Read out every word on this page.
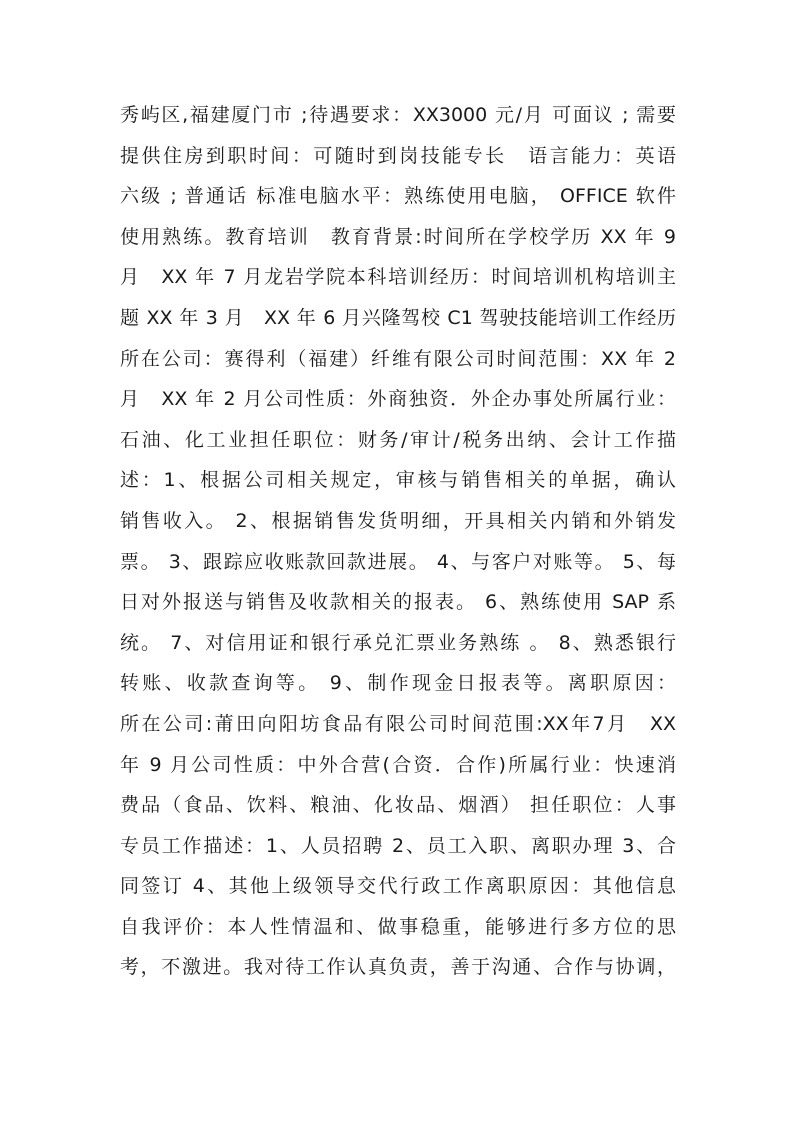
秀屿区,福建厦门市 ;待遇要求：XX3000 元/月 可面议 ; 需要
提供住房到职时间：可随时到岗技能专长　语言能力：英语
六级 ; 普通话 标准电脑水平：熟练使用电脑， OFFICE 软件
使用熟练。教育培训　教育背景:时间所在学校学历 XX 年 9
月　XX 年 7 月龙岩学院本科培训经历：时间培训机构培训主
题 XX 年 3 月　XX 年 6 月兴隆驾校 C1 驾驶技能培训工作经历
所在公司：赛得利（福建）纤维有限公司时间范围：XX 年 2
月　XX 年 2 月公司性质：外商独资．外企办事处所属行业：
石油、化工业担任职位：财务/审计/税务出纳、会计工作描
述：1、根据公司相关规定，审核与销售相关的单据，确认
销售收入。 2、根据销售发货明细，开具相关内销和外销发
票。 3、跟踪应收账款回款进展。 4、与客户对账等。 5、每
日对外报送与销售及收款相关的报表。 6、熟练使用 SAP 系
统。 7、对信用证和银行承兑汇票业务熟练 。 8、熟悉银行
转账、收款查询等。 9、制作现金日报表等。离职原因：
所在公司:莆田向阳坊食品有限公司时间范围:XX年7月　XX
年 9 月公司性质：中外合营(合资．合作)所属行业：快速消
费品（食品、饮料、粮油、化妆品、烟酒） 担任职位：人事
专员工作描述：1、人员招聘 2、员工入职、离职办理 3、合
同签订 4、其他上级领导交代行政工作离职原因：其他信息
自我评价：本人性情温和、做事稳重，能够进行多方位的思
考，不激进。我对待工作认真负责，善于沟通、合作与协调，
